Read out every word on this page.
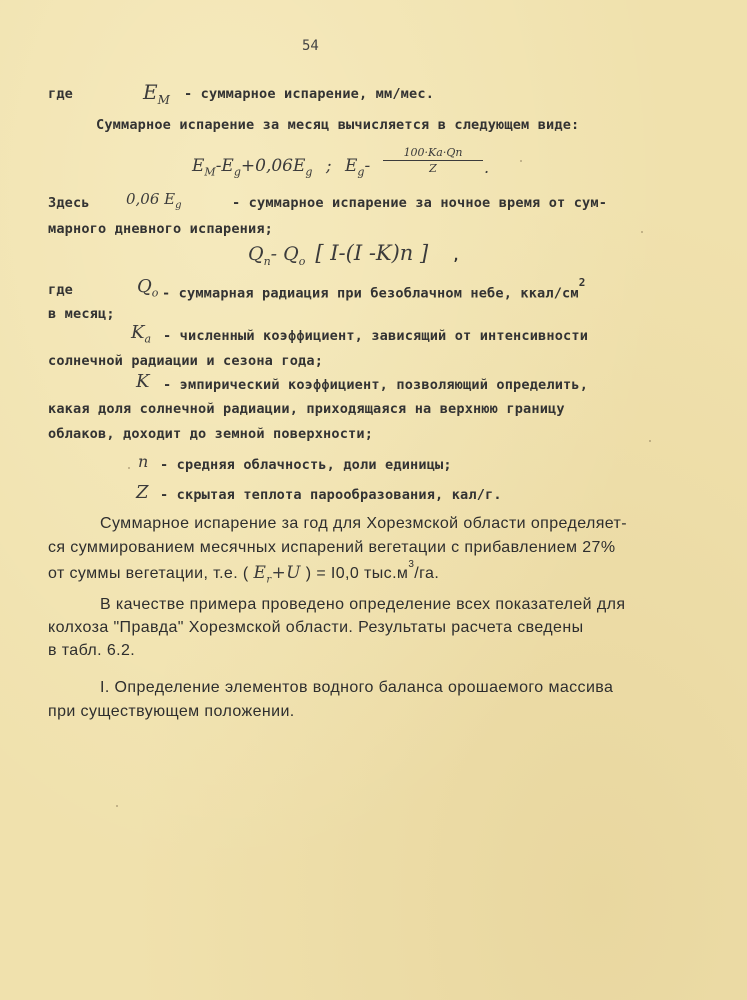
54
где	$E_M$ - суммарное испарение, мм/мес.
Суммарное испарение за месяц вычисляется в следующем виде:
$E_M-E_g+0,06E_g$ ; $E_g- \frac{100\cdot Ka\cdot Qn}{Z}$ .
Здесь 0,06 $E_g$	- суммарное испарение за ночное время от сум-
марного дневного испарения;
$Q_n-$ $Q_o$ [ I-(I -K)n ] ,
где	$Q_o$ - суммарная радиация при безоблачном небе, ккал/$см^2$
в месяц;
$K_a$ - численный коэффициент, зависящий от интенсивности
солнечной радиации и сезона года;
K - эмпирический коэффициент, позволяющий определить,
какая доля солнечной радиации, приходящаяся на верхнюю границу
облаков, доходит до земной поверхности;
n - средняя облачность, доли единицы;
Z - скрытая теплота парообразования, кал/г.
Суммарное испарение за год для Хорезмской области определяет-
ся суммированием месячных испарений вегетации с прибавлением 27%
от суммы вегетации, т.е. ( $E_r+U$ ) = I0,0 $тыс.м^3/га$.
В качестве примера проведено определение всех показателей для
колхоза "Правда" Хорезмской области. Результаты расчета сведены
в табл. 6.2.
I. Определение элементов водного баланса орошаемого массива
при существующем положении.
